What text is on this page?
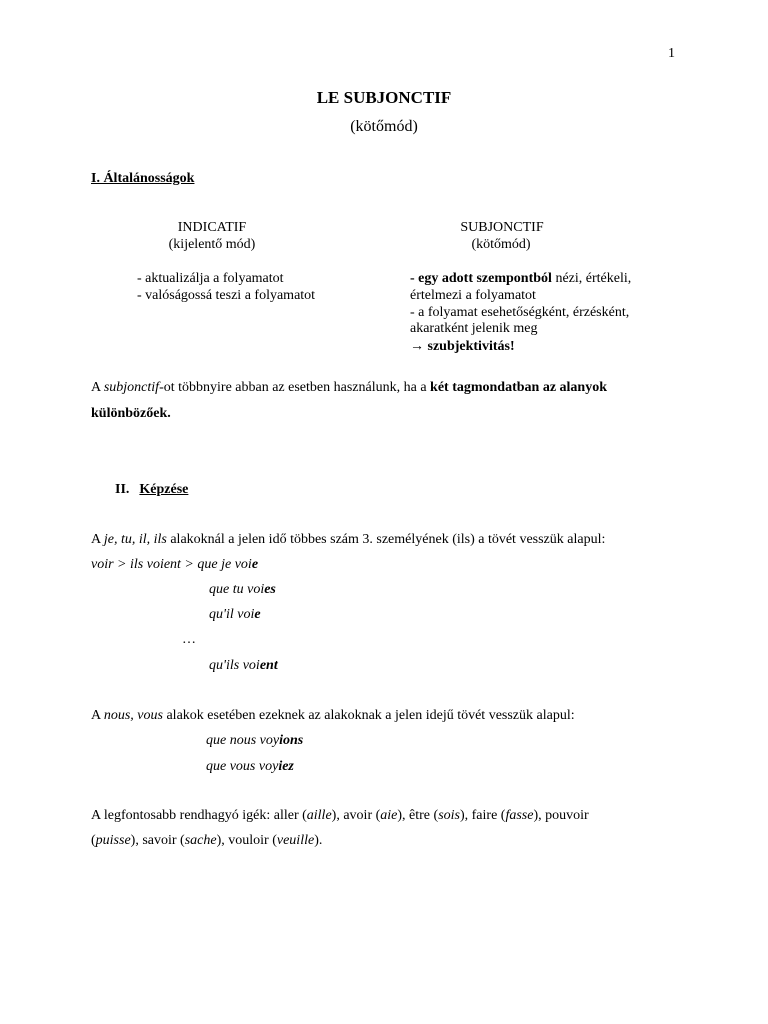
1
LE SUBJONCTIF
(kötőmód)
I. Általánosságok
INDICATIF
(kijelentő mód)
- aktualizálja a folyamatot
- valóságossá teszi a folyamatot
SUBJONCTIF
(kötőmód)
- egy adott szempontból nézi, értékeli,
értelmezi a folyamatot
- a folyamat esehetőségként, érzésként,
akaratként jelenik meg
→ szubjektivitás!
A subjonctif-ot többnyire abban az esetben használunk, ha a két tagmondatban az alanyok
különbözőek.
II. Képzése
A je, tu, il, ils alakoknál a jelen idő többes szám 3. személyének (ils) a tövét vesszük alapul:
voir > ils voient > que je voie
que tu voies
qu'il voie
…
qu'ils voient
A nous, vous alakok esetében ezeknek az alakoknak a jelen idejű tövét vesszük alapul:
que nous voyions
que vous voyiez
A legfontosabb rendhagyó igék: aller (aille), avoir (aie), être (sois), faire (fasse), pouvoir
(puisse), savoir (sache), vouloir (veuille).
